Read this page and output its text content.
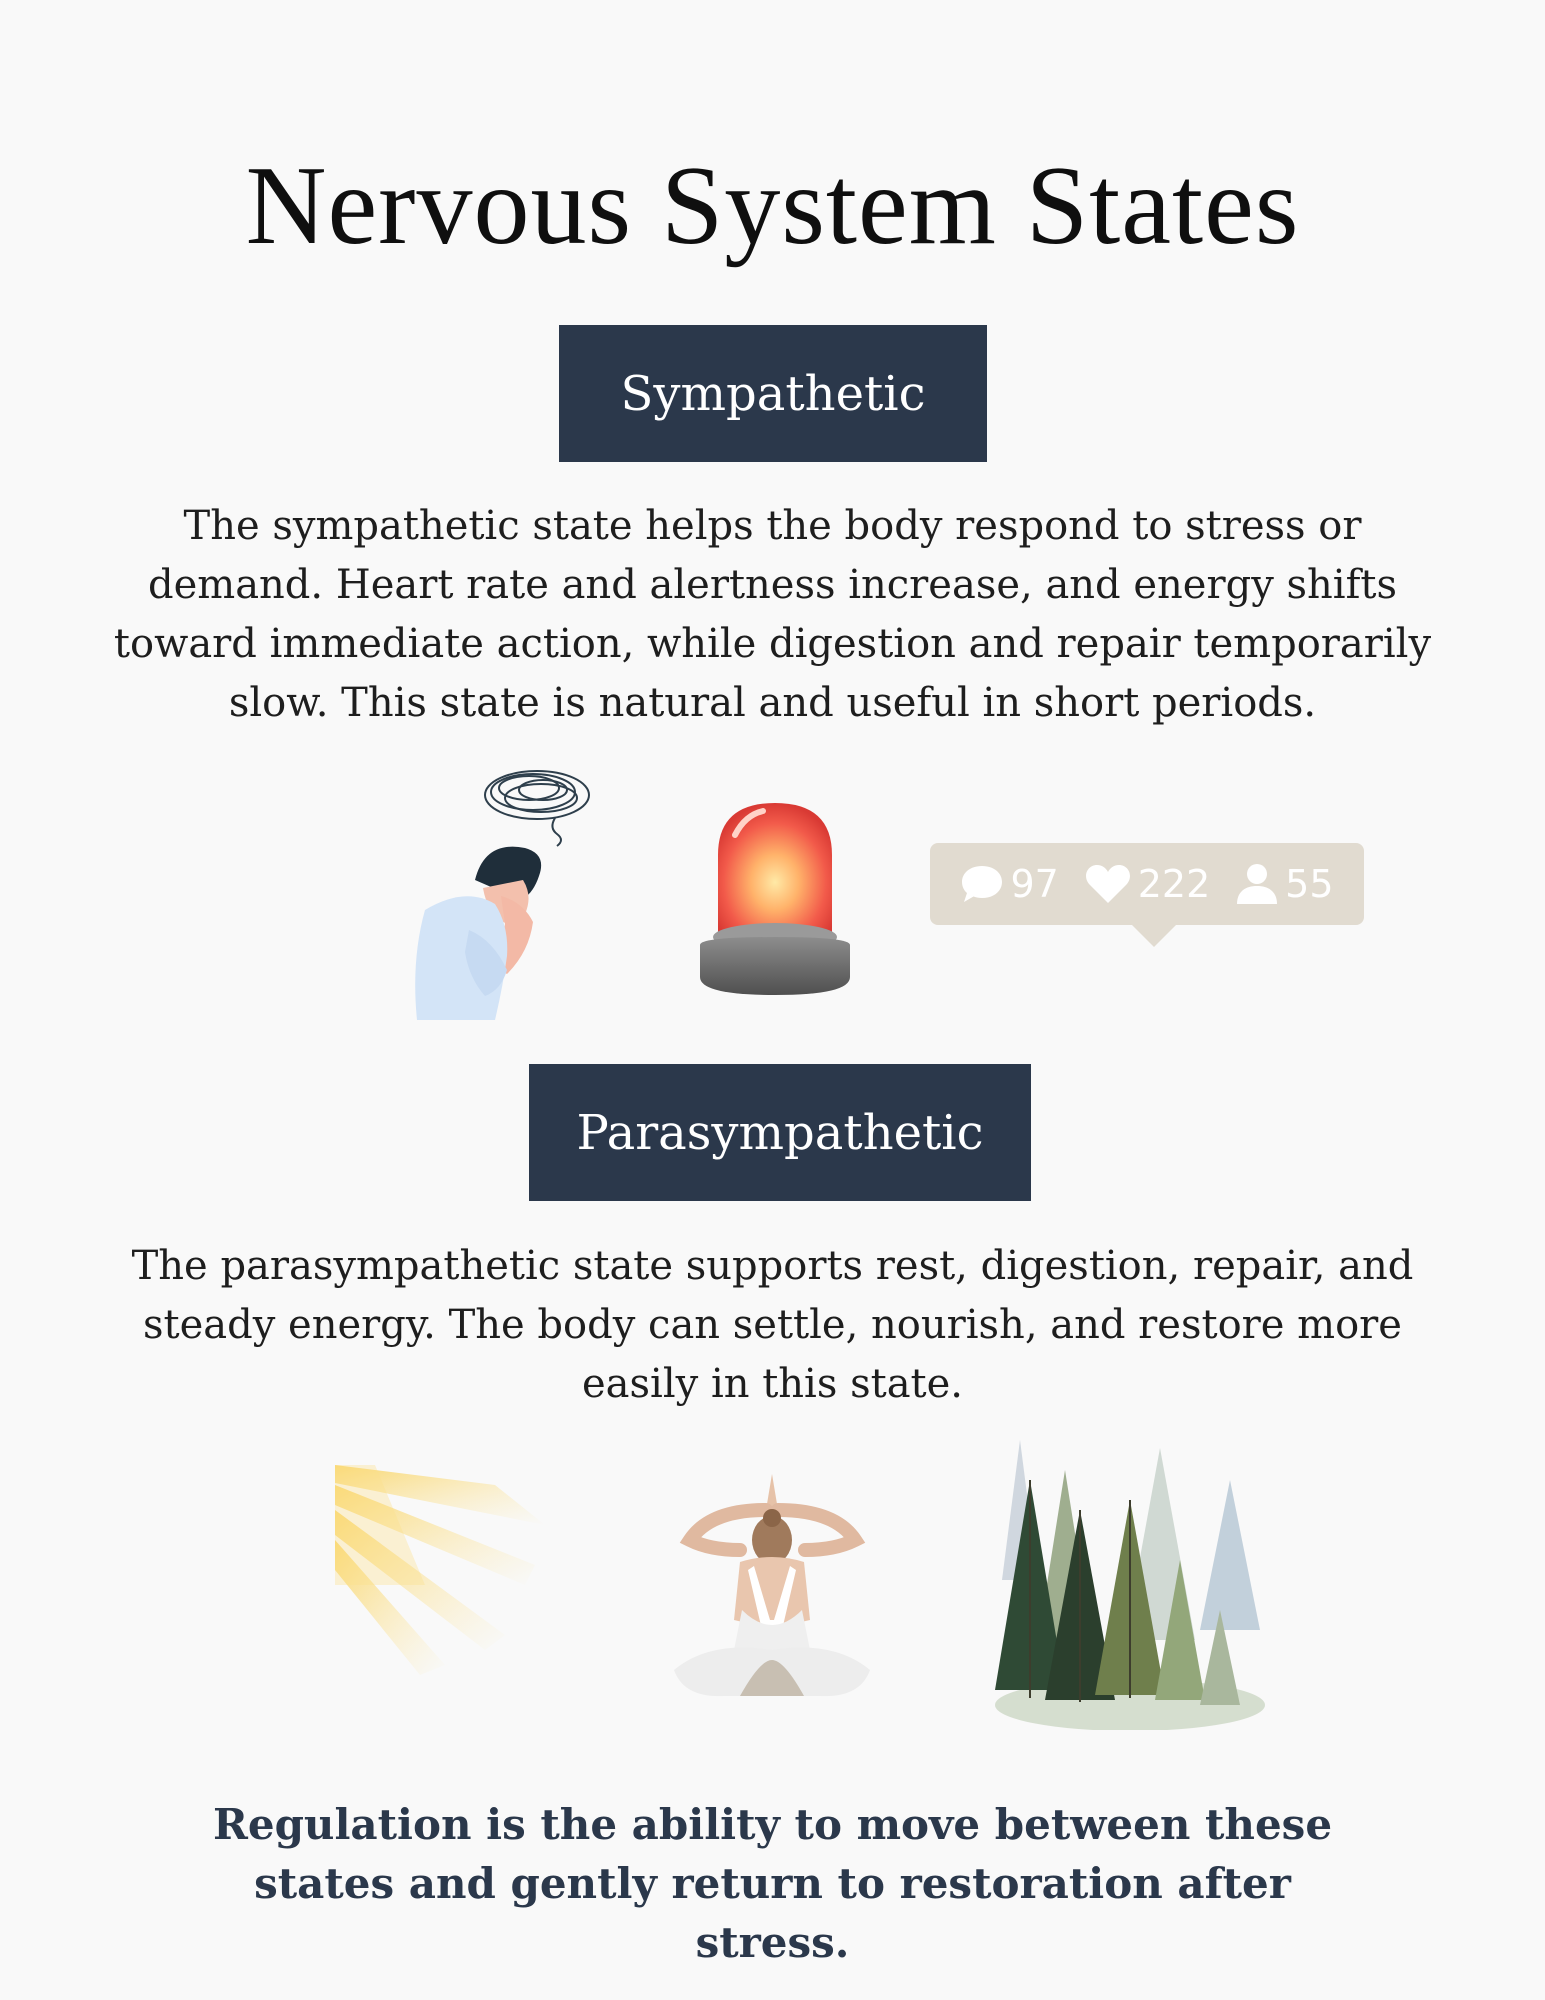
Nervous System States
Sympathetic
The sympathetic state helps the body respond to stress or demand. Heart rate and alertness increase, and energy shifts toward immediate action, while digestion and repair temporarily slow. This state is natural and useful in short periods.
97 222 55
Parasympathetic
The parasympathetic state supports rest, digestion, repair, and steady energy. The body can settle, nourish, and restore more easily in this state.
Regulation is the ability to move between these states and gently return to restoration after stress.
